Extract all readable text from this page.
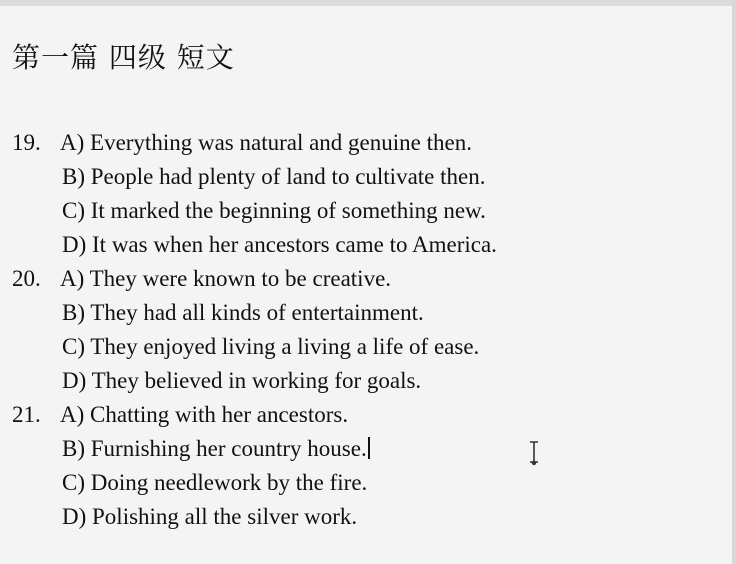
第一篇 四级 短文
19. A) Everything was natural and genuine then.
B) People had plenty of land to cultivate then.
C) It marked the beginning of something new.
D) It was when her ancestors came to America.
20. A) They were known to be creative.
B) They had all kinds of entertainment.
C) They enjoyed living a living a life of ease.
D) They believed in working for goals.
21. A) Chatting with her ancestors.
B) Furnishing her country house.
C) Doing needlework by the fire.
D) Polishing all the silver work.
